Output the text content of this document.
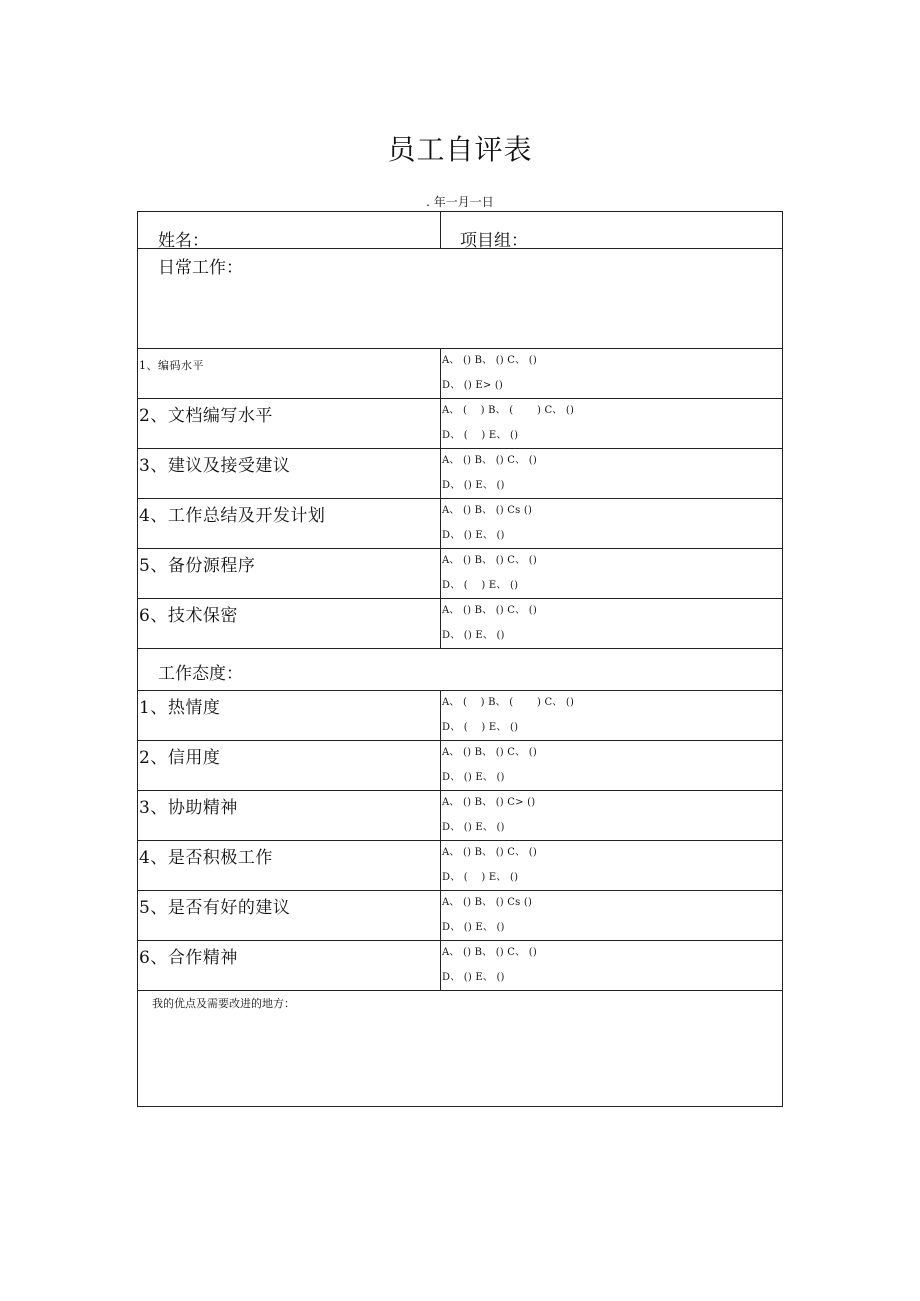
员工自评表
. 年一月一日
姓名：	项目组：
日常工作：
1、编码水平	A、 () B、 () C、 ()
D、 () E> ()
2、文档编写水平	A、 (    ) B、 (       ) C、 ()
D、 (    ) E、 ()
3、建议及接受建议	A、 () B、 () C、 ()
D、 () E、 ()
4、工作总结及开发计划	A、 () B、 () Cs ()
D、 () E、 ()
5、备份源程序	A、 () B、 () C、 ()
D、 (    ) E、 ()
6、技术保密	A、 () B、 () C、 ()
D、 () E、 ()
工作态度：
1、热情度	A、 (    ) B、 (       ) C、 ()
D、 (    ) E、 ()
2、信用度	A、 () B、 () C、 ()
D、 () E、 ()
3、协助精神	A、 () B、 () C> ()
D、 () E、 ()
4、是否积极工作	A、 () B、 () C、 ()
D、 (    ) E、 ()
5、是否有好的建议	A、 () B、 () Cs ()
D、 () E、 ()
6、合作精神	A、 () B、 () C、 ()
D、 () E、 ()
我的优点及需要改进的地方：
